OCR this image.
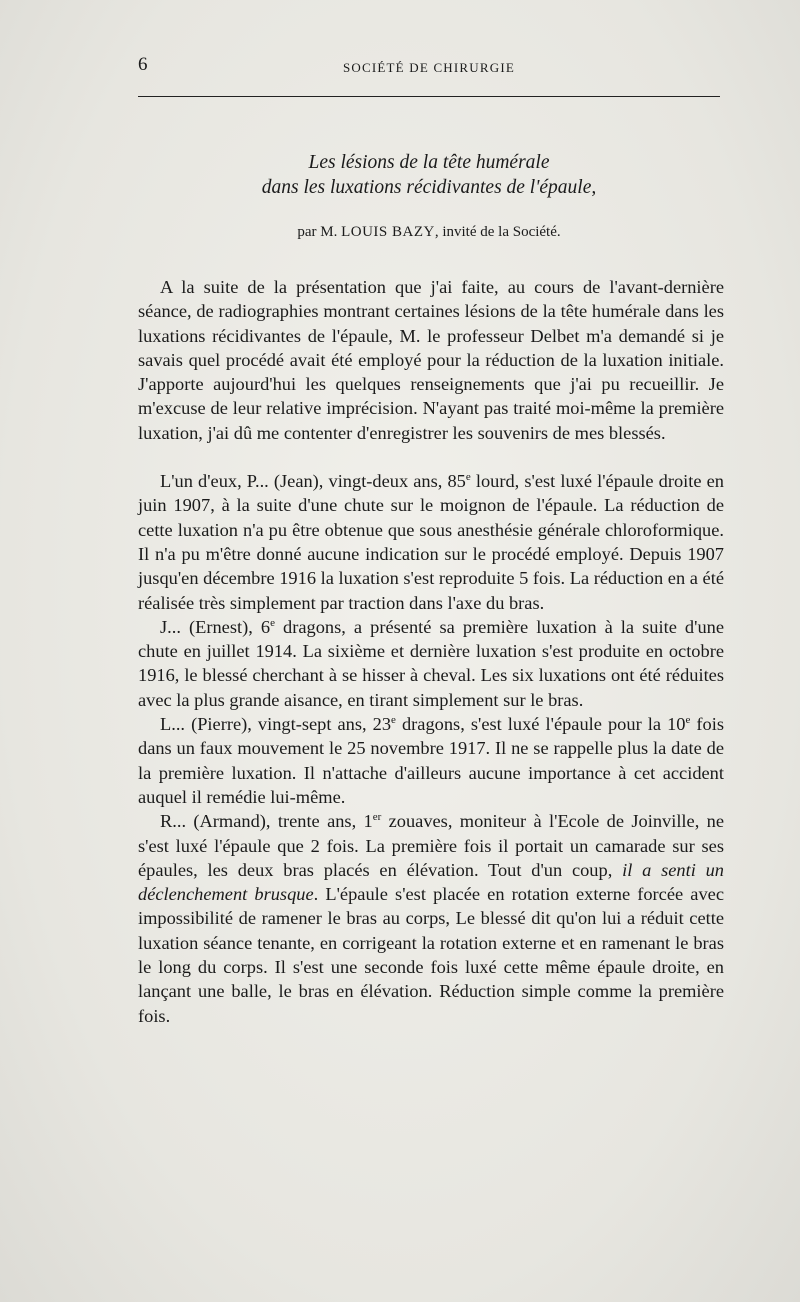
6	SOCIÉTÉ DE CHIRURGIE
Les lésions de la tête humérale
dans les luxations récidivantes de l'épaule,
par M. LOUIS BAZY, invité de la Société.

A la suite de la présentation que j'ai faite, au cours de l'avant-dernière séance, de radiographies montrant certaines lésions de la tête humérale dans les luxations récidivantes de l'épaule, M. le professeur Delbet m'a demandé si je savais quel procédé avait été employé pour la réduction de la luxation initiale. J'apporte aujourd'hui les quelques renseignements que j'ai pu recueillir. Je m'excuse de leur relative imprécision. N'ayant pas traité moi-même la première luxation, j'ai dû me contenter d'enregistrer les souvenirs de mes blessés.

L'un d'eux, P... (Jean), vingt-deux ans, 85e lourd, s'est luxé l'épaule droite en juin 1907, à la suite d'une chute sur le moignon de l'épaule. La réduction de cette luxation n'a pu être obtenue que sous anesthésie générale chloroformique. Il n'a pu m'être donné aucune indication sur le procédé employé. Depuis 1907 jusqu'en décembre 1916 la luxation s'est reproduite 5 fois. La réduction en a été réalisée très simplement par traction dans l'axe du bras.

J... (Ernest), 6e dragons, a présenté sa première luxation à la suite d'une chute en juillet 1914. La sixième et dernière luxation s'est produite en octobre 1916, le blessé cherchant à se hisser à cheval. Les six luxations ont été réduites avec la plus grande aisance, en tirant simplement sur le bras.

L... (Pierre), vingt-sept ans, 23e dragons, s'est luxé l'épaule pour la 10e fois dans un faux mouvement le 25 novembre 1917. Il ne se rappelle plus la date de la première luxation. Il n'attache d'ailleurs aucune importance à cet accident auquel il remédie lui-même.

R... (Armand), trente ans, 1er zouaves, moniteur à l'Ecole de Joinville, ne s'est luxé l'épaule que 2 fois. La première fois il portait un camarade sur ses épaules, les deux bras placés en élévation. Tout d'un coup, il a senti un déclenchement brusque. L'épaule s'est placée en rotation externe forcée avec impossibilité de ramener le bras au corps, Le blessé dit qu'on lui a réduit cette luxation séance tenante, en corrigeant la rotation externe et en ramenant le bras le long du corps. Il s'est une seconde fois luxé cette même épaule droite, en lançant une balle, le bras en élévation. Réduction simple comme la première fois.
